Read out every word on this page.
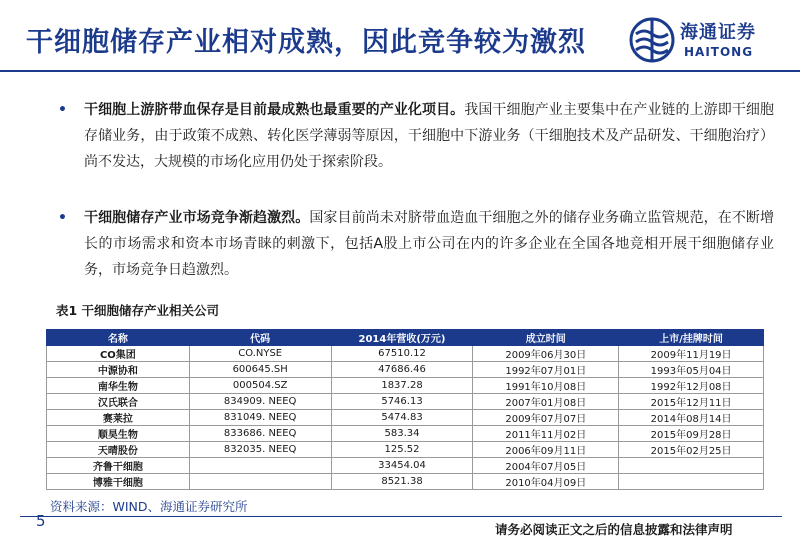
干细胞储存产业相对成熟，因此竞争较为激烈	海通证券
HAITONG
• 干细胞上游脐带血保存是目前最成熟也最重要的产业化项目。我国干细胞产业主要集中在产业链的上游即干细胞存储业务，由于政策不成熟、转化医学薄弱等原因，干细胞中下游业务（干细胞技术及产品研发、干细胞治疗）尚不发达，大规模的市场化应用仍处于探索阶段。
• 干细胞储存产业市场竞争渐趋激烈。国家目前尚未对脐带血造血干细胞之外的储存业务确立监管规范，在不断增长的市场需求和资本市场青睐的刺激下，包括A股上市公司在内的许多企业在全国各地竞相开展干细胞储存业务，市场竞争日趋激烈。
表1 干细胞储存产业相关公司
名称	代码	2014年营收(万元)	成立时间	上市/挂牌时间
CO集团	CO.NYSE	67510.12	2009年06月30日	2009年11月19日
中源协和	600645.SH	47686.46	1992年07月01日	1993年05月04日
南华生物	000504.SZ	1837.28	1991年10月08日	1992年12月08日
汉氏联合	834909. NEEQ	5746.13	2007年01月08日	2015年12月11日
赛莱拉	831049. NEEQ	5474.83	2009年07月07日	2014年08月14日
顺昊生物	833686. NEEQ	583.34	2011年11月02日	2015年09月28日
天晴股份	832035. NEEQ	125.52	2006年09月11日	2015年02月25日
齐鲁干细胞		33454.04	2004年07月05日	
博雅干细胞		8521.38	2010年04月09日	
资料来源：WIND、海通证券研究所
5	请务必阅读正文之后的信息披露和法律声明
